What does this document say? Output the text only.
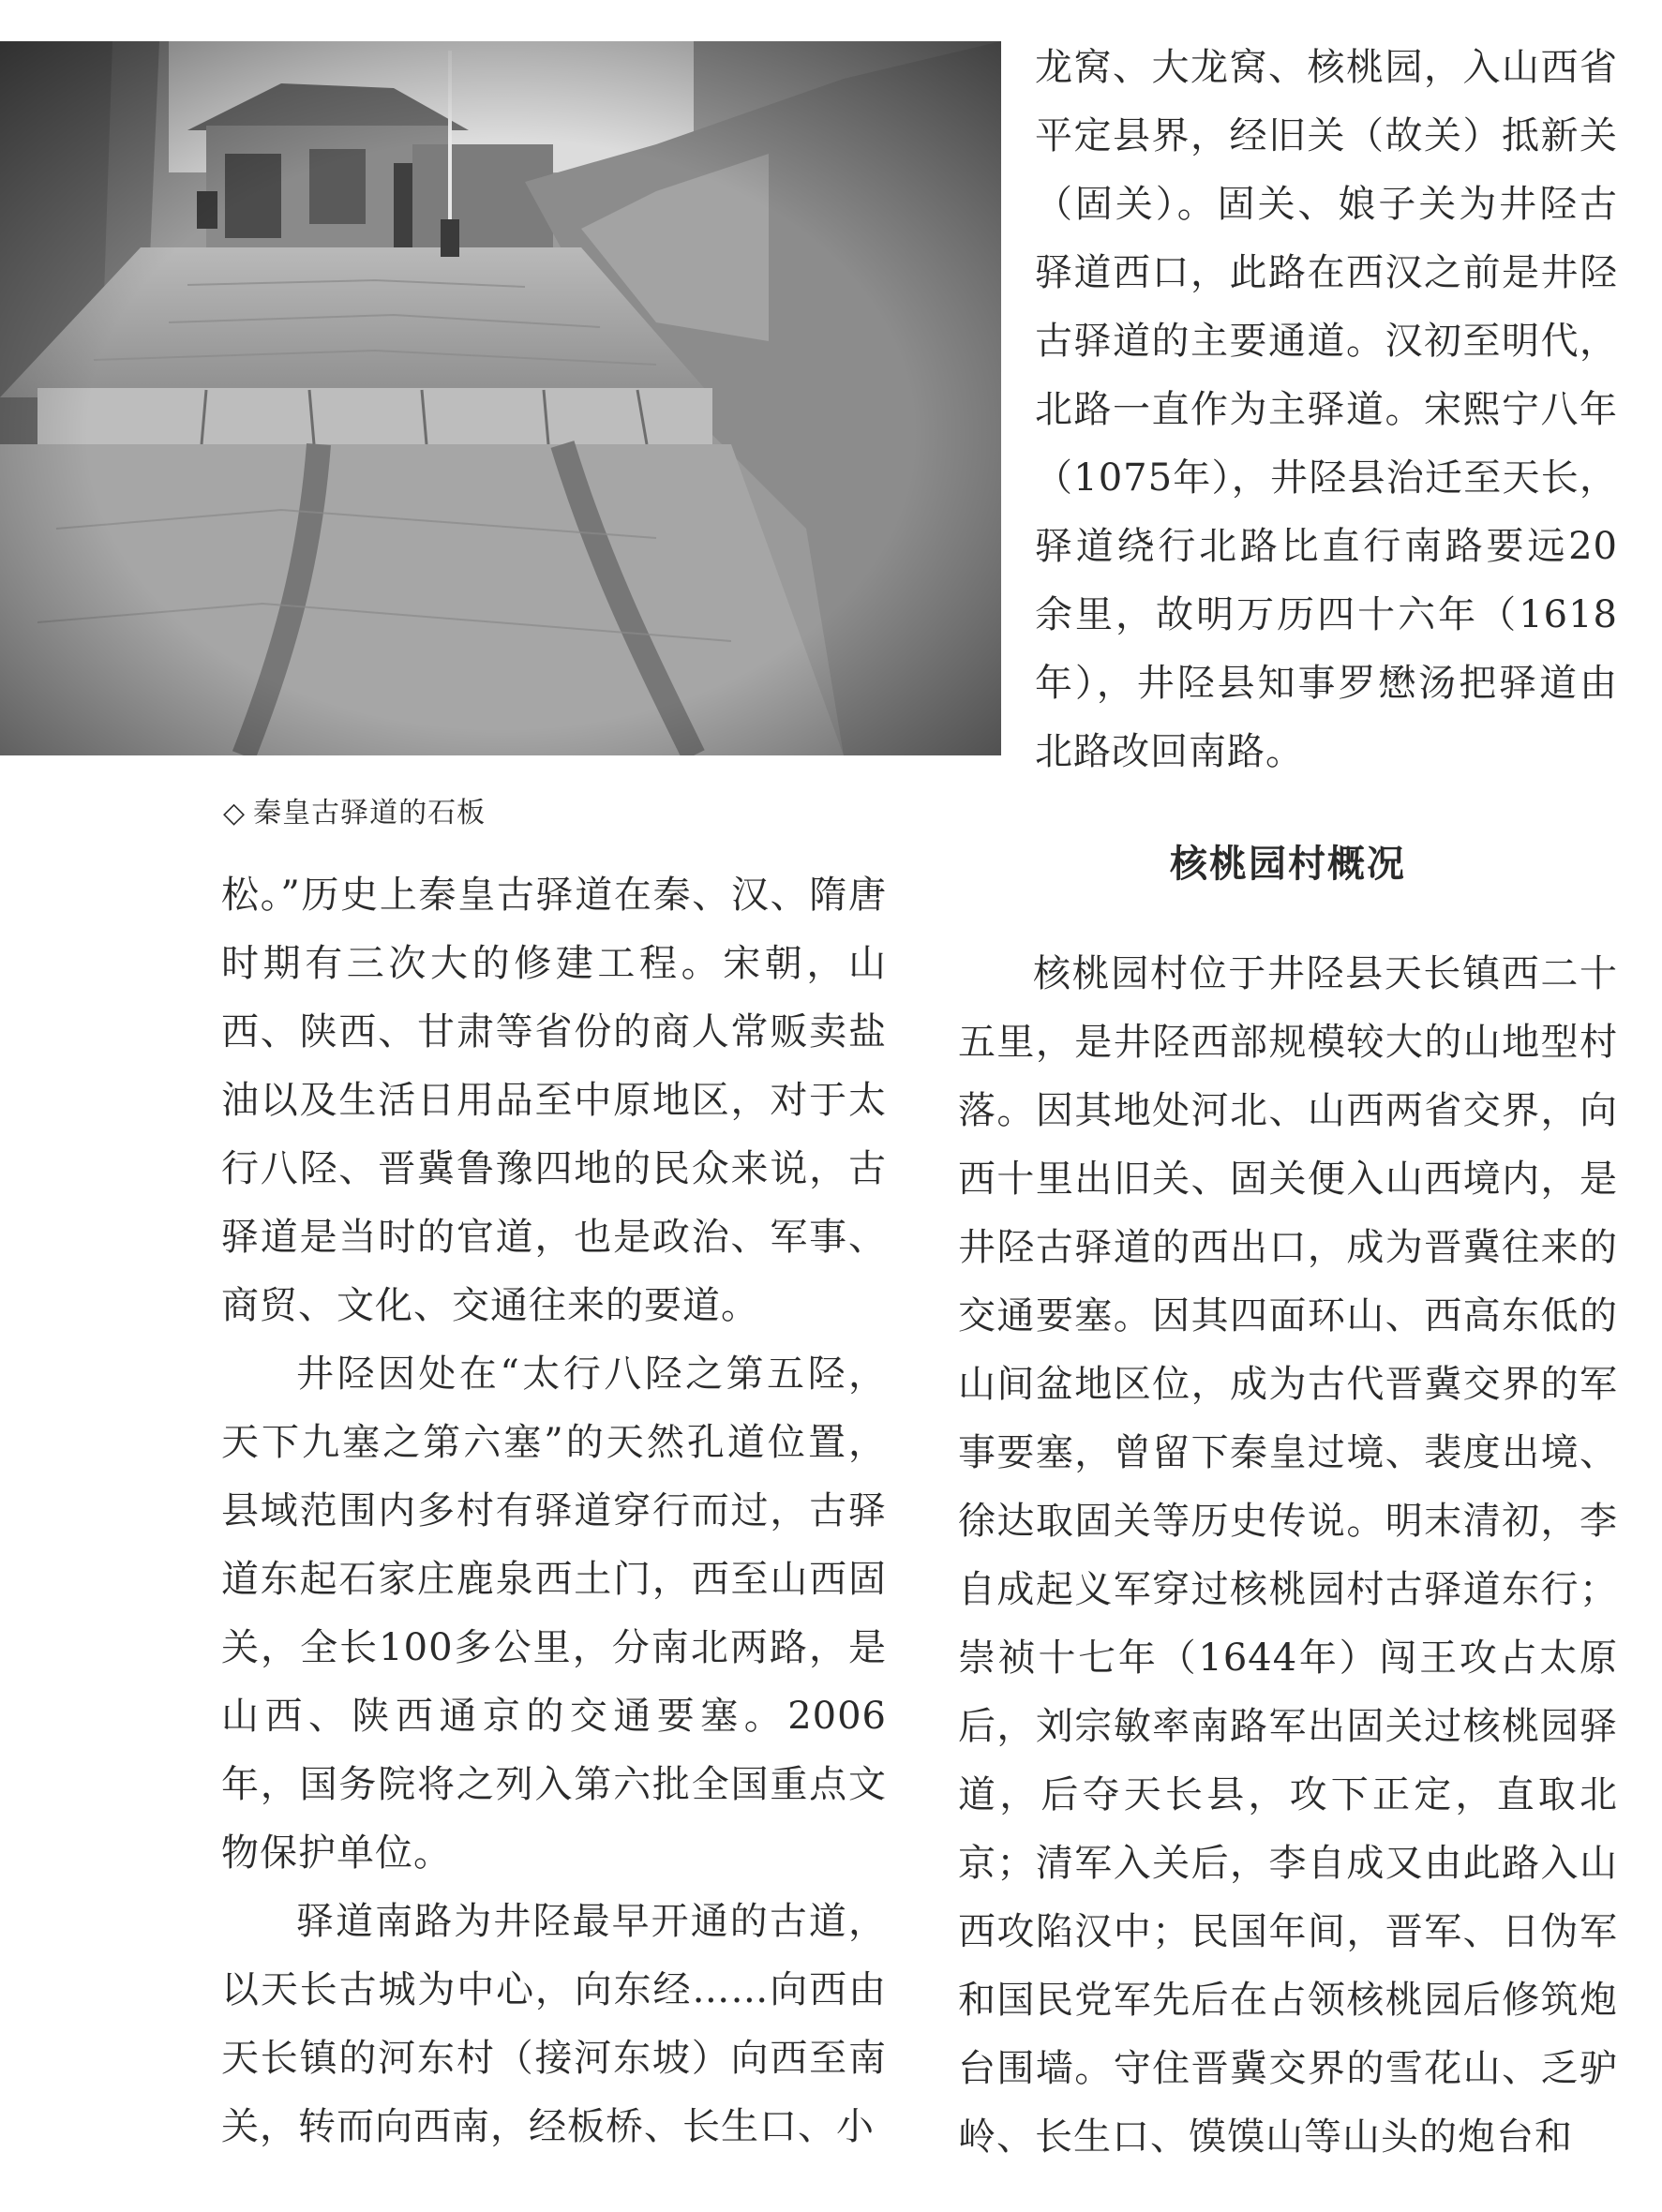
◇ 秦皇古驿道的石板

龙窝、大龙窝、核桃园，入山西省平定县界，经旧关（故关）抵新关（固关）。固关、娘子关为井陉古驿道西口，此路在西汉之前是井陉古驿道的主要通道。汉初至明代，北路一直作为主驿道。宋熙宁八年（1075年），井陉县治迁至天长，驿道绕行北路比直行南路要远20余里，故明万历四十六年（1618年），井陉县知事罗懋汤把驿道由北路改回南路。

松。”历史上秦皇古驿道在秦、汉、隋唐时期有三次大的修建工程。宋朝，山西、陕西、甘肃等省份的商人常贩卖盐油以及生活日用品至中原地区，对于太行八陉、晋冀鲁豫四地的民众来说，古驿道是当时的官道，也是政治、军事、商贸、文化、交通往来的要道。

井陉因处在“太行八陉之第五陉，天下九塞之第六塞”的天然孔道位置，县域范围内多村有驿道穿行而过，古驿道东起石家庄鹿泉西土门，西至山西固关，全长100多公里，分南北两路，是山西、陕西通京的交通要塞。2006年，国务院将之列入第六批全国重点文物保护单位。

驿道南路为井陉最早开通的古道，以天长古城为中心，向东经……向西由天长镇的河东村（接河东坡）向西至南关，转而向西南，经板桥、长生口、小

核桃园村概况

核桃园村位于井陉县天长镇西二十五里，是井陉西部规模较大的山地型村落。因其地处河北、山西两省交界，向西十里出旧关、固关便入山西境内，是井陉古驿道的西出口，成为晋冀往来的交通要塞。因其四面环山、西高东低的山间盆地区位，成为古代晋冀交界的军事要塞，曾留下秦皇过境、裴度出境、徐达取固关等历史传说。明末清初，李自成起义军穿过核桃园村古驿道东行；崇祯十七年（1644年）闯王攻占太原后，刘宗敏率南路军出固关过核桃园驿道，后夺天长县，攻下正定，直取北京；清军入关后，李自成又由此路入山西攻陷汉中；民国年间，晋军、日伪军和国民党军先后在占领核桃园后修筑炮台围墙。守住晋冀交界的雪花山、乏驴岭、长生口、馍馍山等山头的炮台和
